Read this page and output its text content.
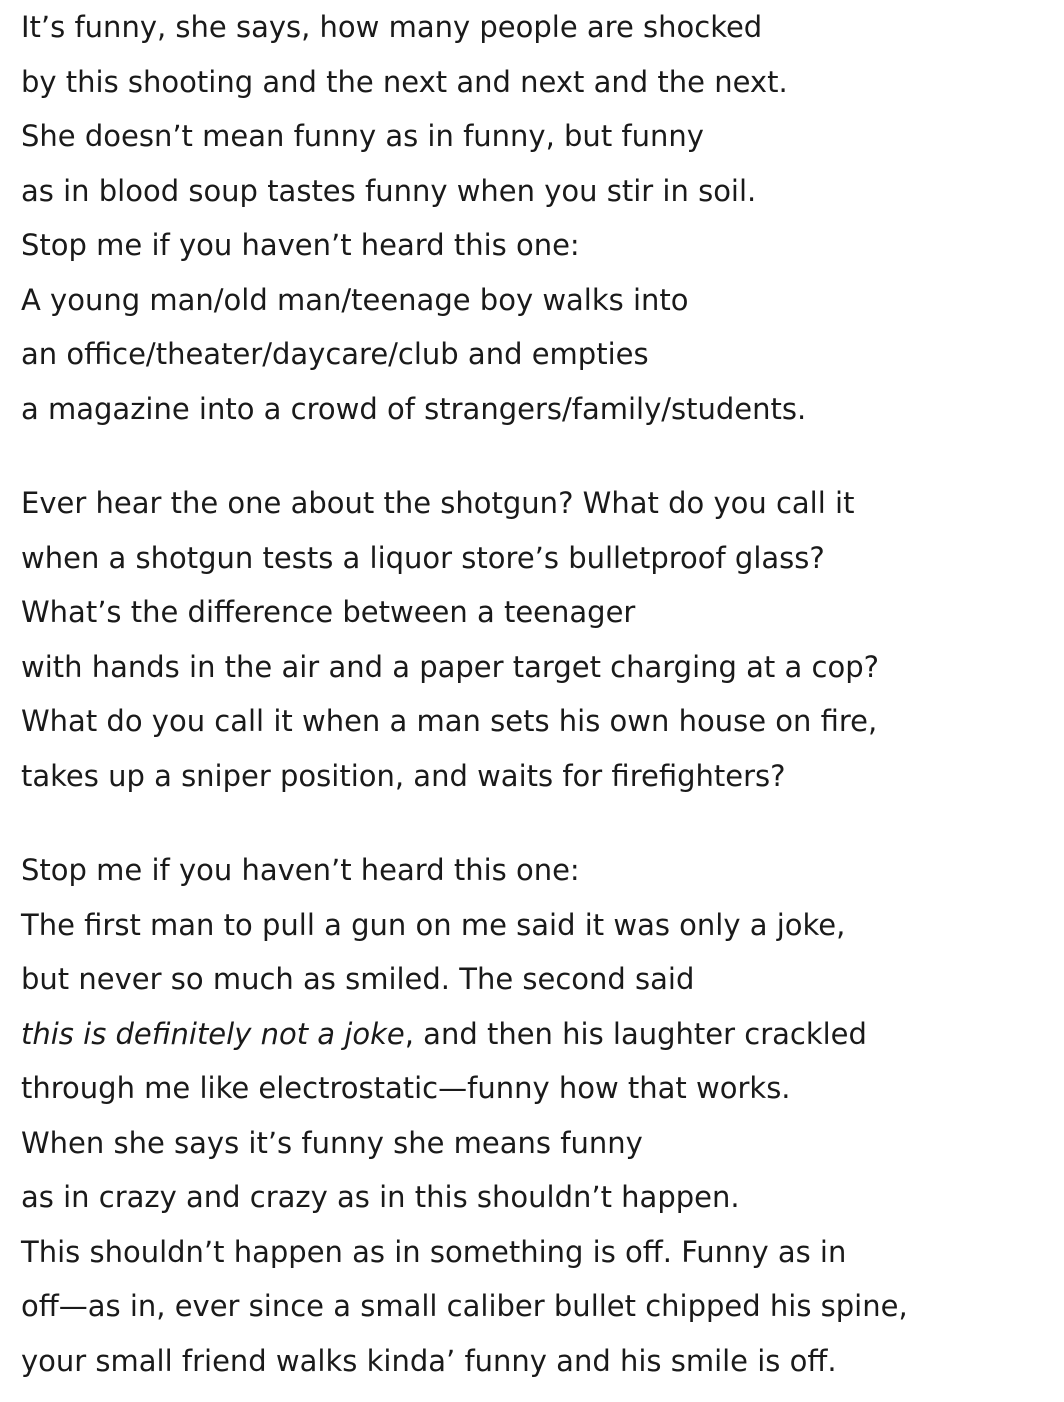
It’s funny, she says, how many people are shocked
by this shooting and the next and next and the next.
She doesn’t mean funny as in funny, but funny
as in blood soup tastes funny when you stir in soil.
Stop me if you haven’t heard this one:
A young man/old man/teenage boy walks into
an office/theater/daycare/club and empties
a magazine into a crowd of strangers/family/students.
Ever hear the one about the shotgun? What do you call it
when a shotgun tests a liquor store’s bulletproof glass?
What’s the difference between a teenager
with hands in the air and a paper target charging at a cop?
What do you call it when a man sets his own house on fire,
takes up a sniper position, and waits for firefighters?
Stop me if you haven’t heard this one:
The first man to pull a gun on me said it was only a joke,
but never so much as smiled. The second said
this is definitely not a joke, and then his laughter crackled
through me like electrostatic—funny how that works.
When she says it’s funny she means funny
as in crazy and crazy as in this shouldn’t happen.
This shouldn’t happen as in something is off. Funny as in
off—as in, ever since a small caliber bullet chipped his spine,
your small friend walks kinda’ funny and his smile is off.
